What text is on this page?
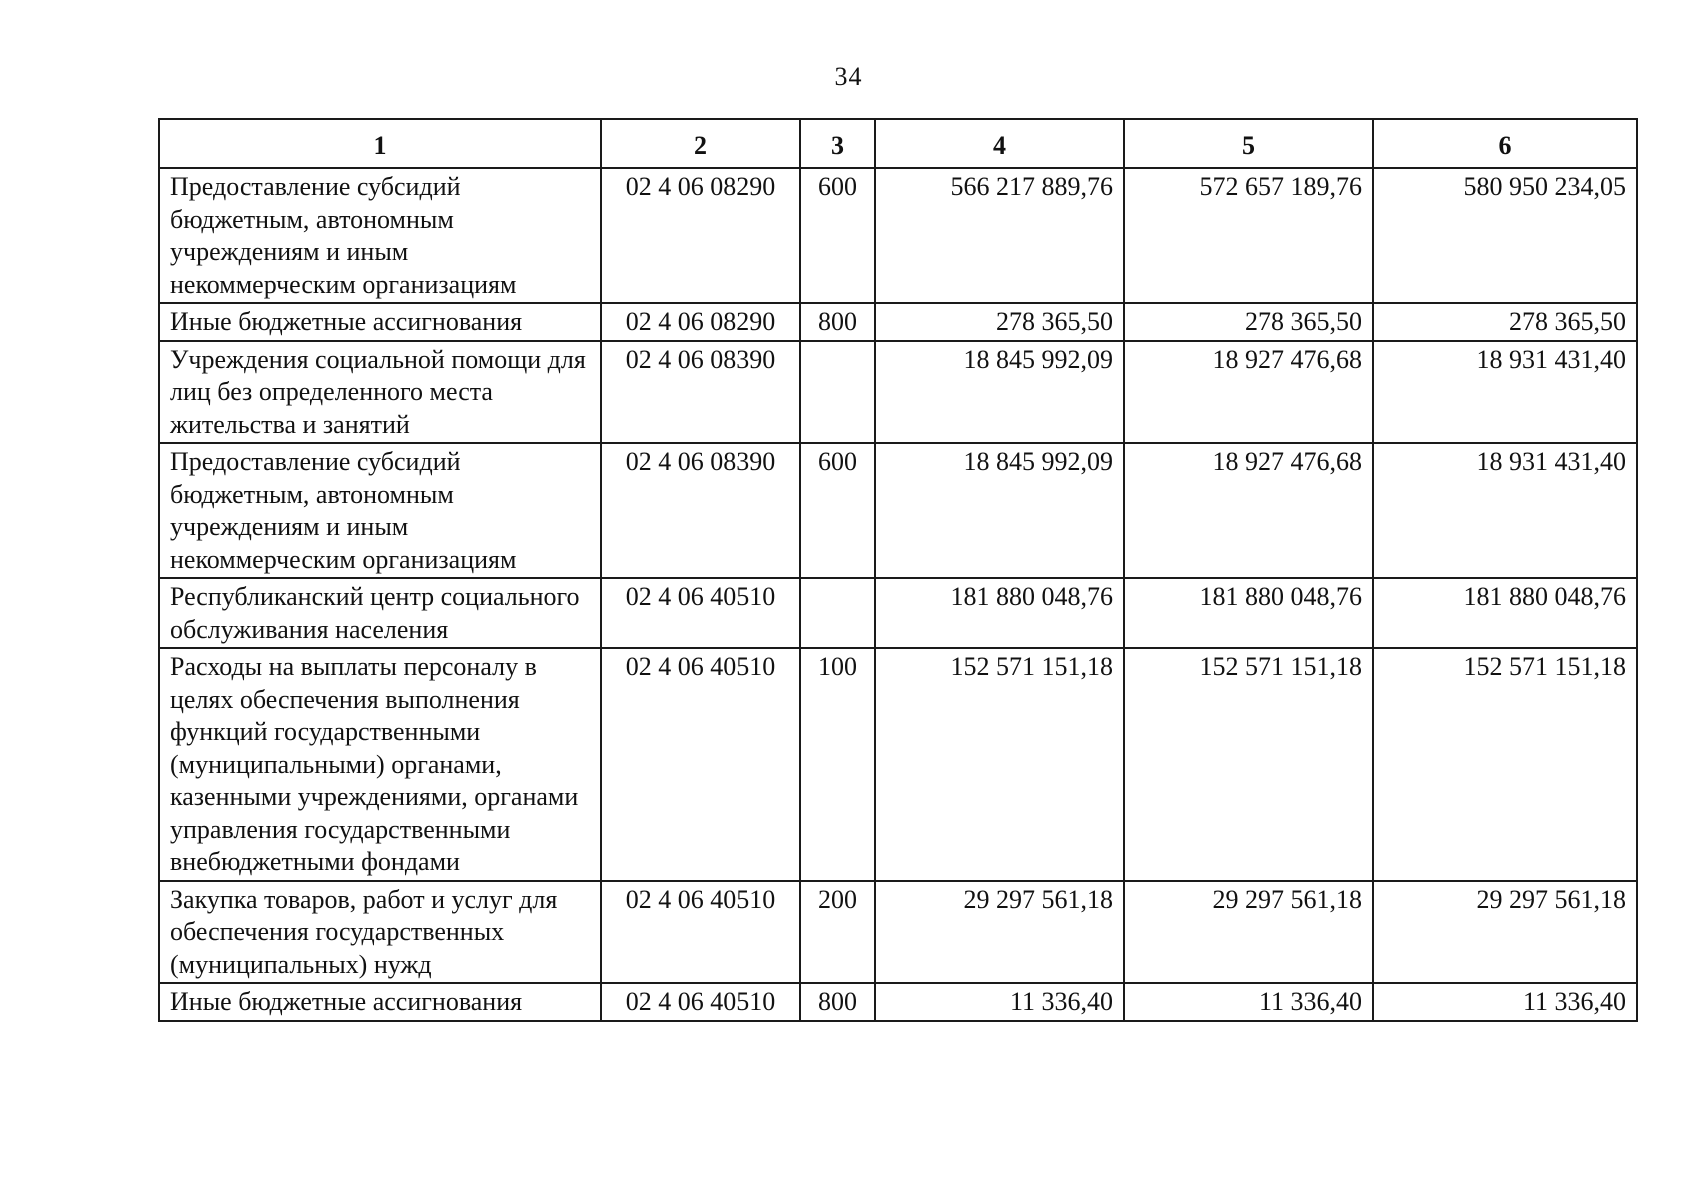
34
1	2	3	4	5	6
Предоставление субсидий бюджетным, автономным учреждениям и иным некоммерческим организациям	02 4 06 08290	600	566 217 889,76	572 657 189,76	580 950 234,05
Иные бюджетные ассигнования	02 4 06 08290	800	278 365,50	278 365,50	278 365,50
Учреждения социальной помощи для лиц без определенного места жительства и занятий	02 4 06 08390		18 845 992,09	18 927 476,68	18 931 431,40
Предоставление субсидий бюджетным, автономным учреждениям и иным некоммерческим организациям	02 4 06 08390	600	18 845 992,09	18 927 476,68	18 931 431,40
Республиканский центр социального обслуживания населения	02 4 06 40510		181 880 048,76	181 880 048,76	181 880 048,76
Расходы на выплаты персоналу в целях обеспечения выполнения функций государственными (муниципальными) органами, казенными учреждениями, органами управления государственными внебюджетными фондами	02 4 06 40510	100	152 571 151,18	152 571 151,18	152 571 151,18
Закупка товаров, работ и услуг для обеспечения государственных (муниципальных) нужд	02 4 06 40510	200	29 297 561,18	29 297 561,18	29 297 561,18
Иные бюджетные ассигнования	02 4 06 40510	800	11 336,40	11 336,40	11 336,40
